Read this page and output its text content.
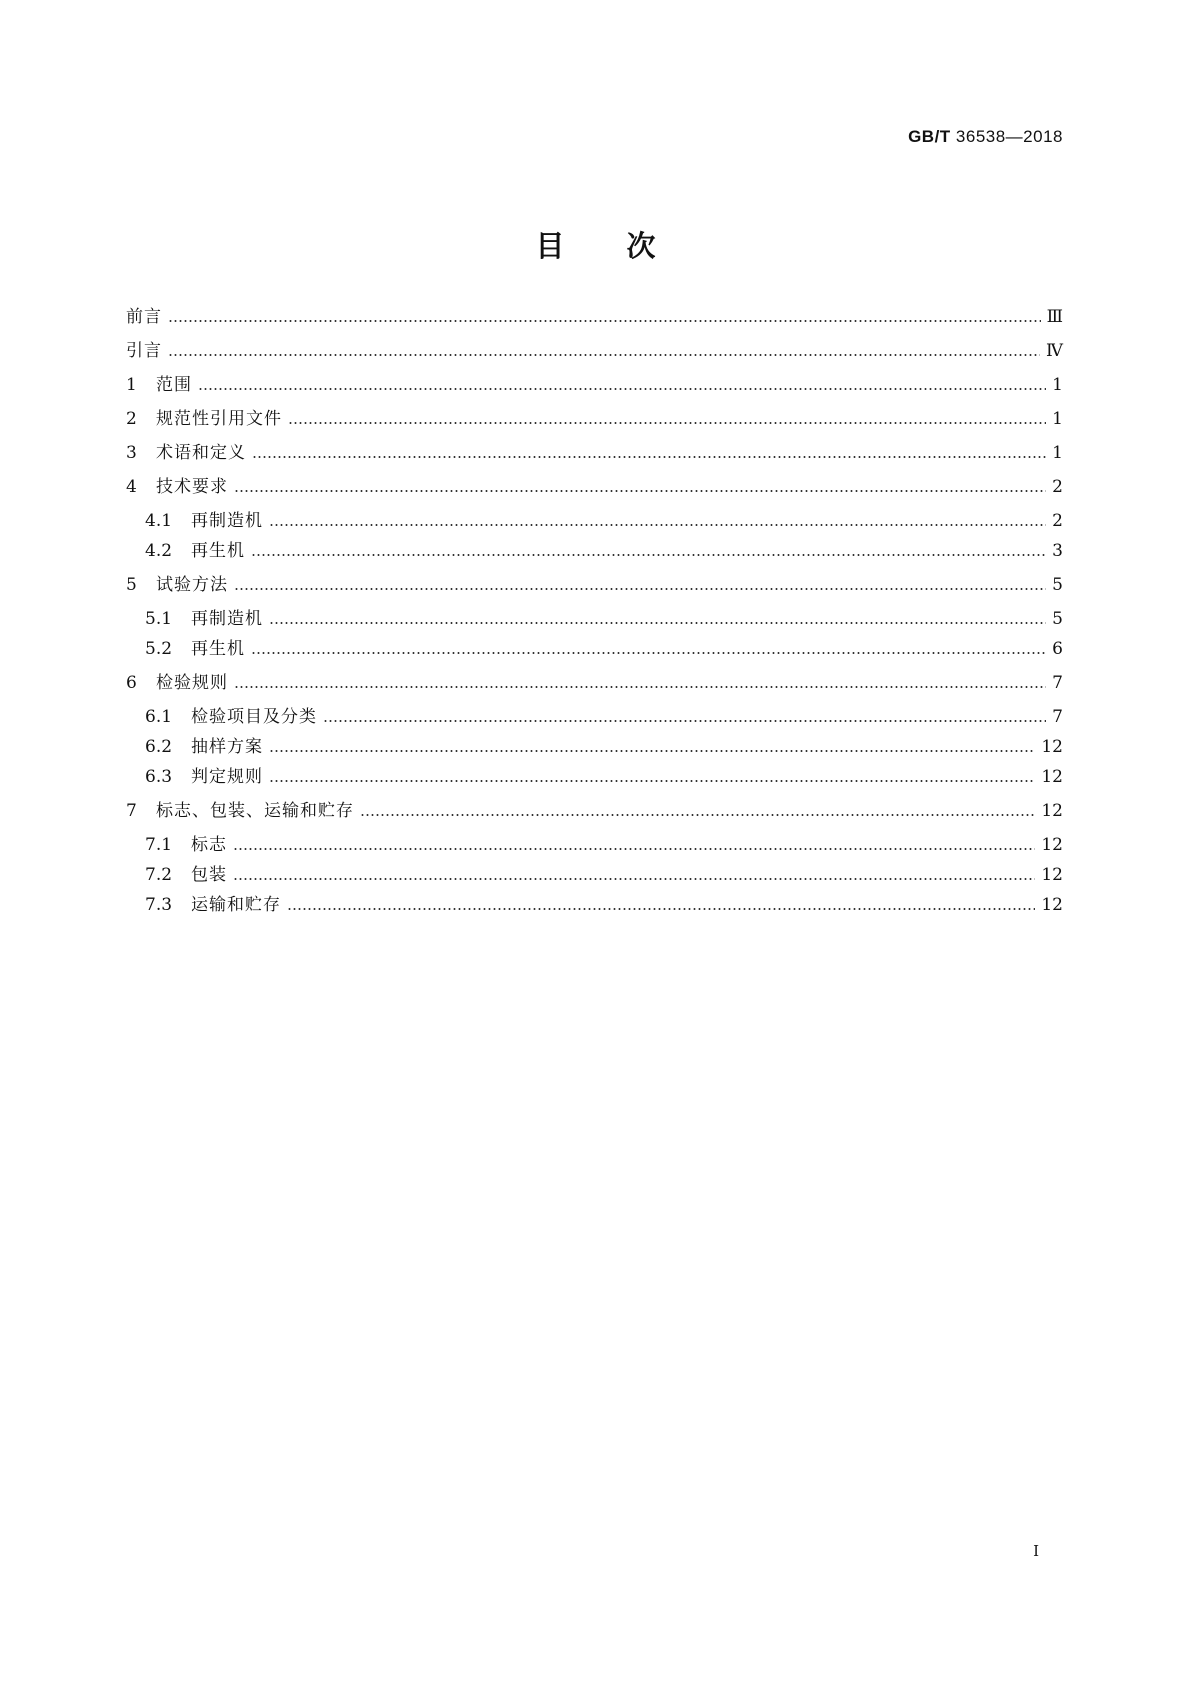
GB/T 36538—2018
目次
前言	Ⅲ
引言	Ⅳ
1	范围	1
2	规范性引用文件	1
3	术语和定义	1
4	技术要求	2
4.1	再制造机	2
4.2	再生机	3
5	试验方法	5
5.1	再制造机	5
5.2	再生机	6
6	检验规则	7
6.1	检验项目及分类	7
6.2	抽样方案	12
6.3	判定规则	12
7	标志、包装、运输和贮存	12
7.1	标志	12
7.2	包装	12
7.3	运输和贮存	12
I
